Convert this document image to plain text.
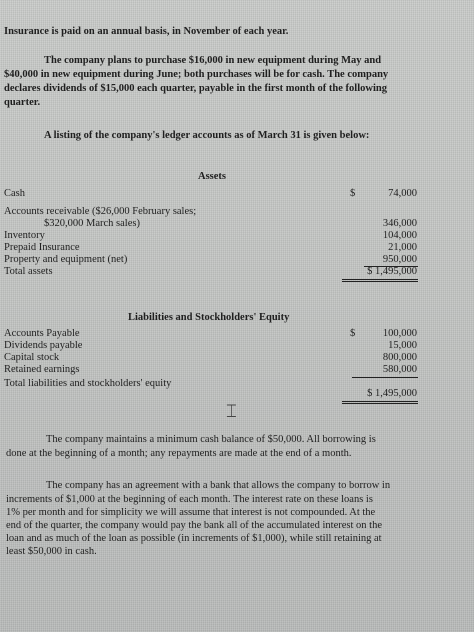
Insurance is paid on an annual basis, in November of each year.
The company plans to purchase $16,000 in new equipment during May and
$40,000 in new equipment during June; both purchases will be for cash. The company
declares dividends of $15,000 each quarter, payable in the first month of the following
quarter.
A listing of the company's ledger accounts as of March 31 is given below:
Assets
Cash	$	74,000
Accounts receivable ($26,000 February sales;
$320,000 March sales)	346,000
Inventory	104,000
Prepaid Insurance	21,000
Property and equipment (net)	950,000
Total assets	$ 1,495,000
Liabilities and Stockholders' Equity
Accounts Payable	$	100,000
Dividends payable	15,000
Capital stock	800,000
Retained earnings	580,000
Total liabilities and stockholders' equity
$ 1,495,000
⌶
The company maintains a minimum cash balance of $50,000. All borrowing is
done at the beginning of a month; any repayments are made at the end of a month.
The company has an agreement with a bank that allows the company to borrow in
increments of $1,000 at the beginning of each month. The interest rate on these loans is
1% per month and for simplicity we will assume that interest is not compounded. At the
end of the quarter, the company would pay the bank all of the accumulated interest on the
loan and as much of the loan as possible (in increments of $1,000), while still retaining at
least $50,000 in cash.
